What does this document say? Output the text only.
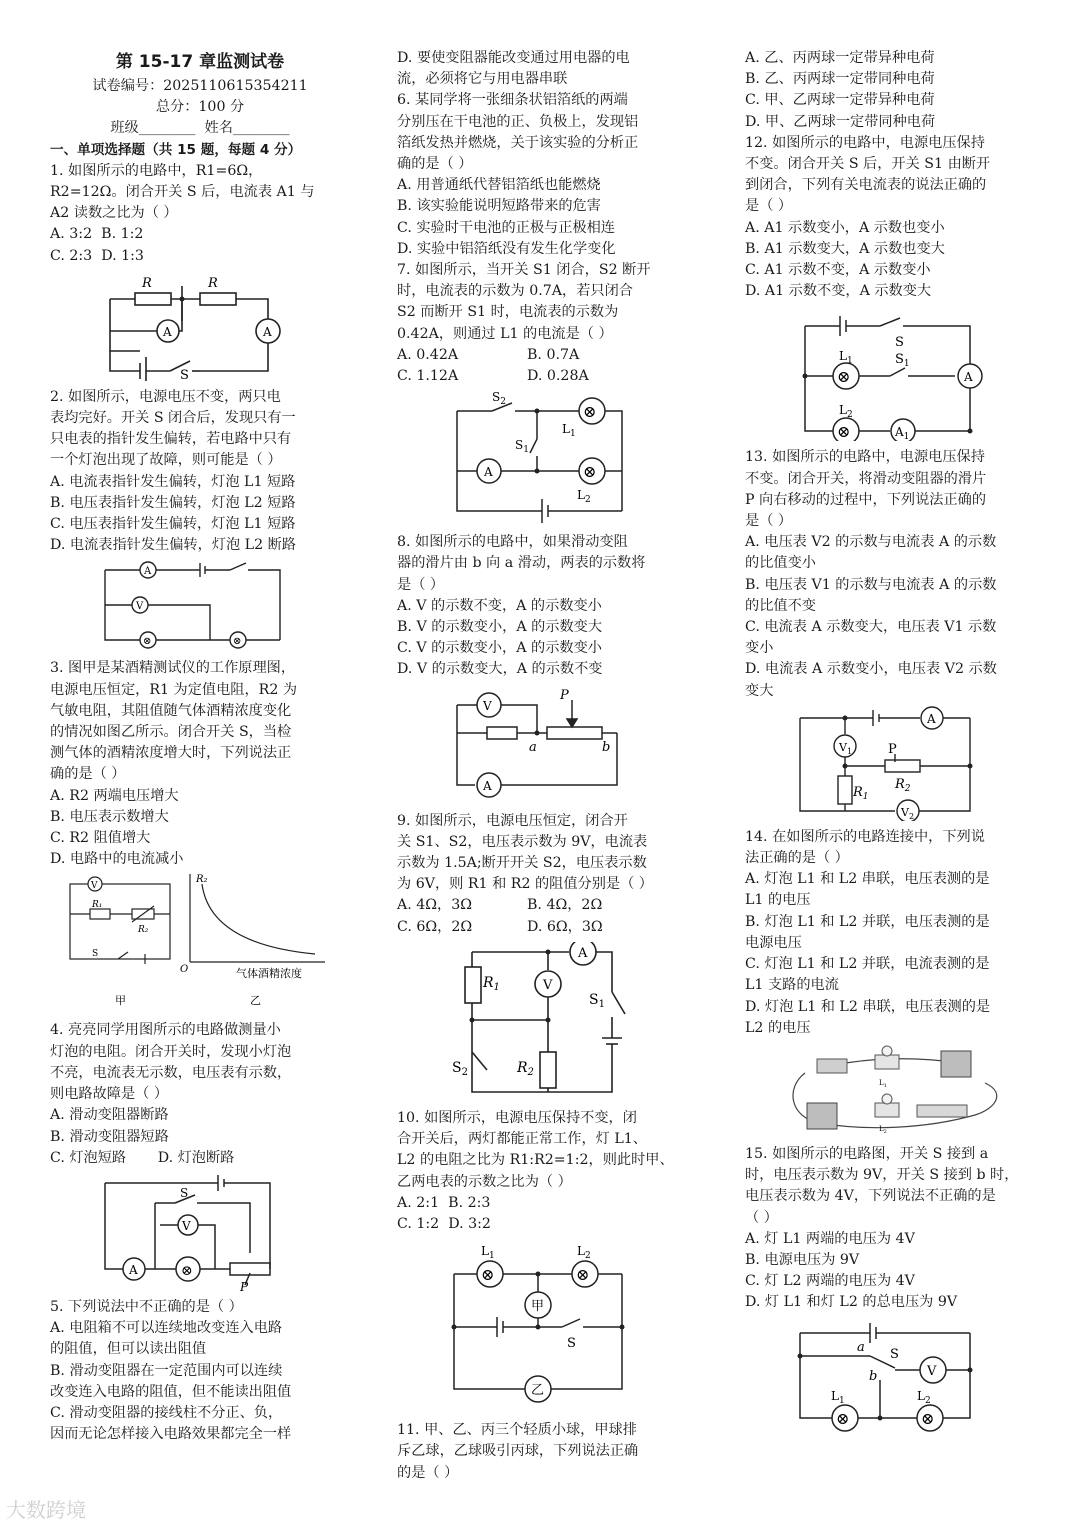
第 15-17 章监测试卷

试卷编号：2025110615354211

总分：100 分

班级________ 姓名________

一、单项选择题（共 15 题，每题 4 分）

1. 如图所示的电路中，R1=6Ω，

R2=12Ω。闭合开关 S 后，电流表 A1 与

A2 读数之比为（ ）

A. 3:2 B. 1:2

C. 2:3 D. 1:3

R	R
A	A
S

2. 如图所示，电源电压不变，两只电

表均完好。开关 S 闭合后，发现只有一

只电表的指针发生偏转，若电路中只有

一个灯泡出现了故障，则可能是（ ）

A. 电流表指针发生偏转，灯泡 L1 短路

B. 电压表指针发生偏转，灯泡 L2 短路

C. 电压表指针发生偏转，灯泡 L1 短路

D. 电流表指针发生偏转，灯泡 L2 断路

A
V
⊗	⊗

3. 图甲是某酒精测试仪的工作原理图，

电源电压恒定，R1 为定值电阻，R2 为

气敏电阻，其阻值随气体酒精浓度变化

的情况如图乙所示。闭合开关 S，当检

测气体的酒精浓度增大时，下列说法正

确的是（ ）

A. R2 两端电压增大

B. 电压表示数增大

C. R2 阻值增大

D. 电路中的电流减小

V
R₁
R₂
S
R₂
O	气体酒精浓度
甲	乙

4. 亮亮同学用图所示的电路做测量小

灯泡的电阻。闭合开关时，发现小灯泡

不亮，电流表无示数，电压表有示数，

则电路故障是（ ）

A. 滑动变阻器断路

B. 滑动变阻器短路

C. 灯泡短路 D. 灯泡断路

V
A	⊗
S
P

5. 下列说法中不正确的是（ ）

A. 电阻箱不可以连续地改变连入电路

的阻值，但可以读出阻值

B. 滑动变阻器在一定范围内可以连续

改变连入电路的阻值，但不能读出阻值

C. 滑动变阻器的接线柱不分正、负，

因而无论怎样接入电路效果都完全一样

D. 要使变阻器能改变通过用电器的电

流，必须将它与用电器串联

6. 某同学将一张细条状铝箔纸的两端

分别压在干电池的正、负极上，发现铝

箔纸发热并燃烧，关于该实验的分析正

确的是（ ）

A. 用普通纸代替铝箔纸也能燃烧

B. 该实验能说明短路带来的危害

C. 实验时干电池的正极与正极相连

D. 实验中铝箔纸没有发生化学变化

7. 如图所示，当开关 S1 闭合，S2 断开

时，电流表的示数为 0.7A，若只闭合

S2 而断开 S1 时，电流表的示数为

0.42A，则通过 L1 的电流是（ ）

A. 0.42A	B. 0.7A

C. 1.12A	D. 0.28A

⊗
⊗
A
$S_2$
$S_1$
$L_1$
$L_2$

8. 如图所示的电路中，如果滑动变阻

器的滑片由 b 向 a 滑动，两表的示数将

是（ ）

A. V 的示数不变，A 的示数变小

B. V 的示数变小，A 的示数变大

C. V 的示数变小，A 的示数变小

D. V 的示数变大，A 的示数不变

V
A
P
a	b

9. 如图所示，电源电压恒定，闭合开

关 S1、S2，电压表示数为 9V，电流表

示数为 1.5A;断开开关 S2，电压表示数

为 6V，则 R1 和 R2 的阻值分别是（ ）

A. 4Ω，3Ω	B. 4Ω，2Ω

C. 6Ω，2Ω	D. 6Ω，3Ω

A
V
$R_1$
$R_2$
$S_1$
$S_2$

10. 如图所示，电源电压保持不变，闭

合开关后，两灯都能正常工作，灯 L1、

L2 的电阻之比为 R1:R2=1:2，则此时甲、

乙两电表的示数之比为（ ）

A. 2:1 B. 2:3

C. 1:2 D. 3:2

⊗	⊗
甲
乙
$L_1$	$L_2$
S

11. 甲、乙、丙三个轻质小球，甲球排

斥乙球，乙球吸引丙球，下列说法正确

的是（ ）

A. 乙、丙两球一定带异种电荷

B. 乙、丙两球一定带同种电荷

C. 甲、乙两球一定带异种电荷

D. 甲、乙两球一定带同种电荷

12. 如图所示的电路中，电源电压保持

不变。闭合开关 S 后，开关 S1 由断开

到闭合，下列有关电流表的说法正确的

是（ ）

A. A1 示数变小，A 示数也变小

B. A1 示数变大，A 示数也变大

C. A1 示数不变，A 示数变小

D. A1 示数不变，A 示数变大

⊗
⊗
A
$A_1$
S
$S_1$
$L_1$
$L_2$

13. 如图所示的电路中，电源电压保持

不变。闭合开关，将滑动变阻器的滑片

P 向右移动的过程中，下列说法正确的

是（ ）

A. 电压表 V2 的示数与电流表 A 的示数

的比值变小

B. 电压表 V1 的示数与电流表 A 的示数

的比值不变

C. 电流表 A 示数变大，电压表 V1 示数

变小

D. 电流表 A 示数变小，电压表 V2 示数

变大

A
$V_1$
$V_2$
P
$R_2$
$R_1$

14. 在如图所示的电路连接中，下列说

法正确的是（ ）

A. 灯泡 L1 和 L2 串联，电压表测的是

L1 的电压

B. 灯泡 L1 和 L2 并联，电压表测的是

电源电压

C. 灯泡 L1 和 L2 并联，电流表测的是

L1 支路的电流

D. 灯泡 L1 和 L2 串联，电压表测的是

L2 的电压

$L_1$
$L_2$

15. 如图所示的电路图，开关 S 接到 a

时，电压表示数为 9V，开关 S 接到 b 时，

电压表示数为 4V，下列说法不正确的是

（ ）

A. 灯 L1 两端的电压为 4V

B. 电源电压为 9V

C. 灯 L2 两端的电压为 4V

D. 灯 L1 和灯 L2 的总电压为 9V

⊗	⊗
V
S
a
b
$L_1$	$L_2$
大数跨境
